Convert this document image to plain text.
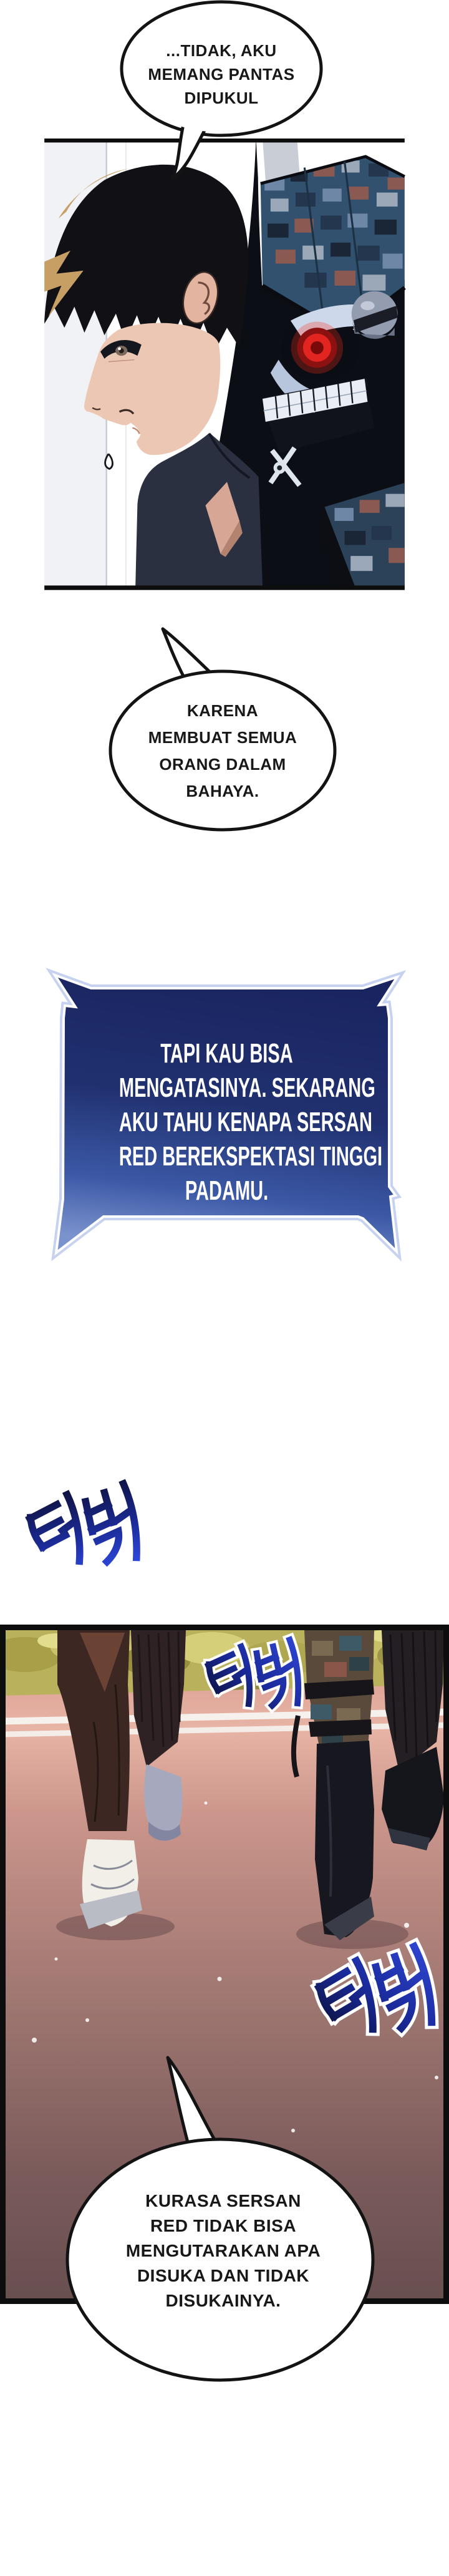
...TIDAK, AKU
MEMANG PANTAS
DIPUKUL
KARENA
MEMBUAT SEMUA
ORANG DALAM
BAHAYA.
TAPI KAU BISA
MENGATASINYA. SEKARANG
AKU TAHU KENAPA SERSAN
RED BEREKSPEKTASI TINGGI
PADAMU.
KURASA SERSAN
RED TIDAK BISA
MENGUTARAKAN APA
DISUKA DAN TIDAK
DISUKAINYA.
